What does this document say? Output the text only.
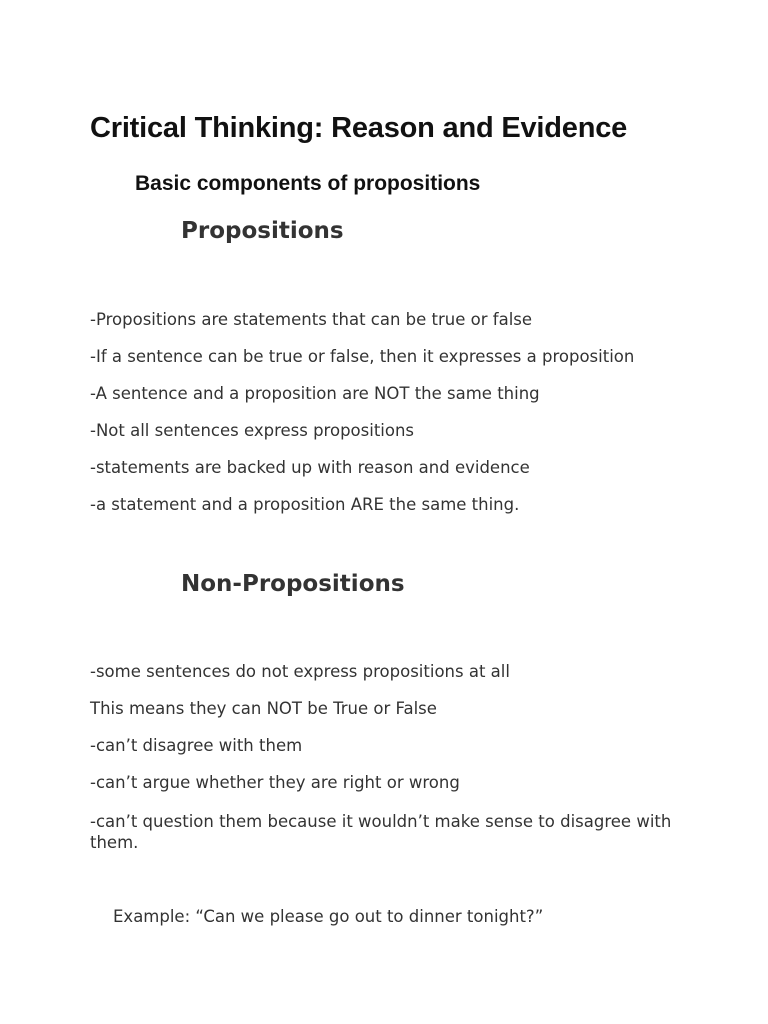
Critical Thinking: Reason and Evidence
Basic components of propositions
Propositions

-Propositions are statements that can be true or false

-If a sentence can be true or false, then it expresses a proposition

-A sentence and a proposition are NOT the same thing

-Not all sentences express propositions

-statements are backed up with reason and evidence

-a statement and a proposition ARE the same thing.

Non-Propositions

-some sentences do not express propositions at all

This means they can NOT be True or False

-can’t disagree with them

-can’t argue whether they are right or wrong

-can’t question them because it wouldn’t make sense to disagree with them.

Example: “Can we please go out to dinner tonight?”
